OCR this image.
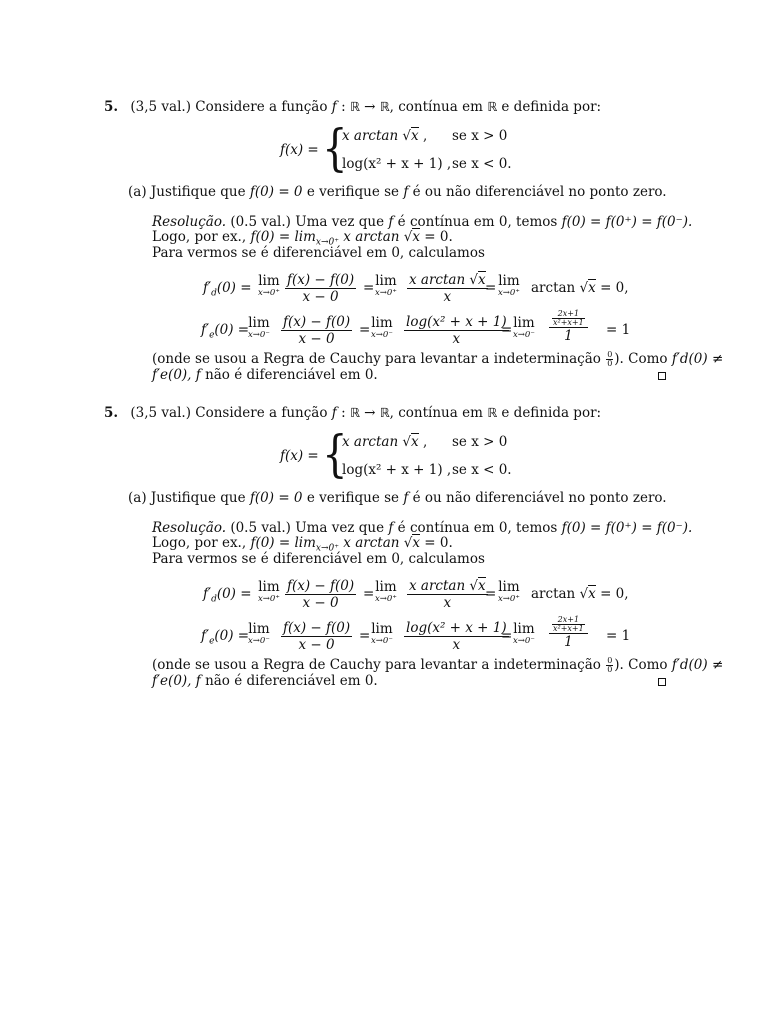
5. (3,5 val.) Considere a função f : ℝ → ℝ, contínua em ℝ e definida por:
f(x) = {
x arctan √x , se x > 0
log(x² + x + 1) , se x < 0.
(a) Justifique que f(0) = 0 e verifique se f é ou não diferenciável no ponto zero.
Resolução. (0.5 val.) Uma vez que f é contínua em 0, temos f(0) = f(0⁺) = f(0⁻).
Logo, por ex., $f(0) = \lim_{x\to 0^+} x$ arctan √x = 0.
Para vermos se é diferenciável em 0, calculamos
$f'_d(0) = \lim$
$x\to 0^+ \frac{f(x) - f(0)}{x - 0} = \lim$
$x\to 0^+ \frac{\text{x arctan √x}}{x}$
= lim
x→0⁺ arctan √x = 0,
$f'_e(0) = \lim$
$x\to 0^- \frac{f(x) - f(0)}{x - 0} = \lim$
$x\to 0^- \frac{\text{log(x² + x + 1)}}{x}$
= lim
$x\to 0^- \frac{\frac{2x+1}{\text{x²+x+1}}}{1} = 1$
(onde se usou a Regra de Cauchy para levantar a indeterminação $\frac{0}{0}$ ). Como f′d(0) ≠
f′e(0), f não é diferenciável em 0.
5. (3,5 val.) Considere a função f : ℝ → ℝ, contínua em ℝ e definida por:
f(x) = {
x arctan √x , se x > 0
log(x² + x + 1) , se x < 0.
(a) Justifique que f(0) = 0 e verifique se f é ou não diferenciável no ponto zero.
Resolução. (0.5 val.) Uma vez que f é contínua em 0, temos f(0) = f(0⁺) = f(0⁻).
Logo, por ex., $f(0) = \lim_{x\to 0^+} x$ arctan √x = 0.
Para vermos se é diferenciável em 0, calculamos
$f'_d(0) = \lim$
$x\to 0^+ \frac{f(x) - f(0)}{x - 0} = \lim$
$x\to 0^+ \frac{\text{x arctan √x}}{x}$
= lim
x→0⁺ arctan √x = 0,
$f'_e(0) = \lim$
$x\to 0^- \frac{f(x) - f(0)}{x - 0} = \lim$
$x\to 0^- \frac{\text{log(x² + x + 1)}}{x}$
= lim
$x\to 0^- \frac{\frac{2x+1}{\text{x²+x+1}}}{1} = 1$
(onde se usou a Regra de Cauchy para levantar a indeterminação $\frac{0}{0}$ ). Como f′d(0) ≠
f′e(0), f não é diferenciável em 0.
